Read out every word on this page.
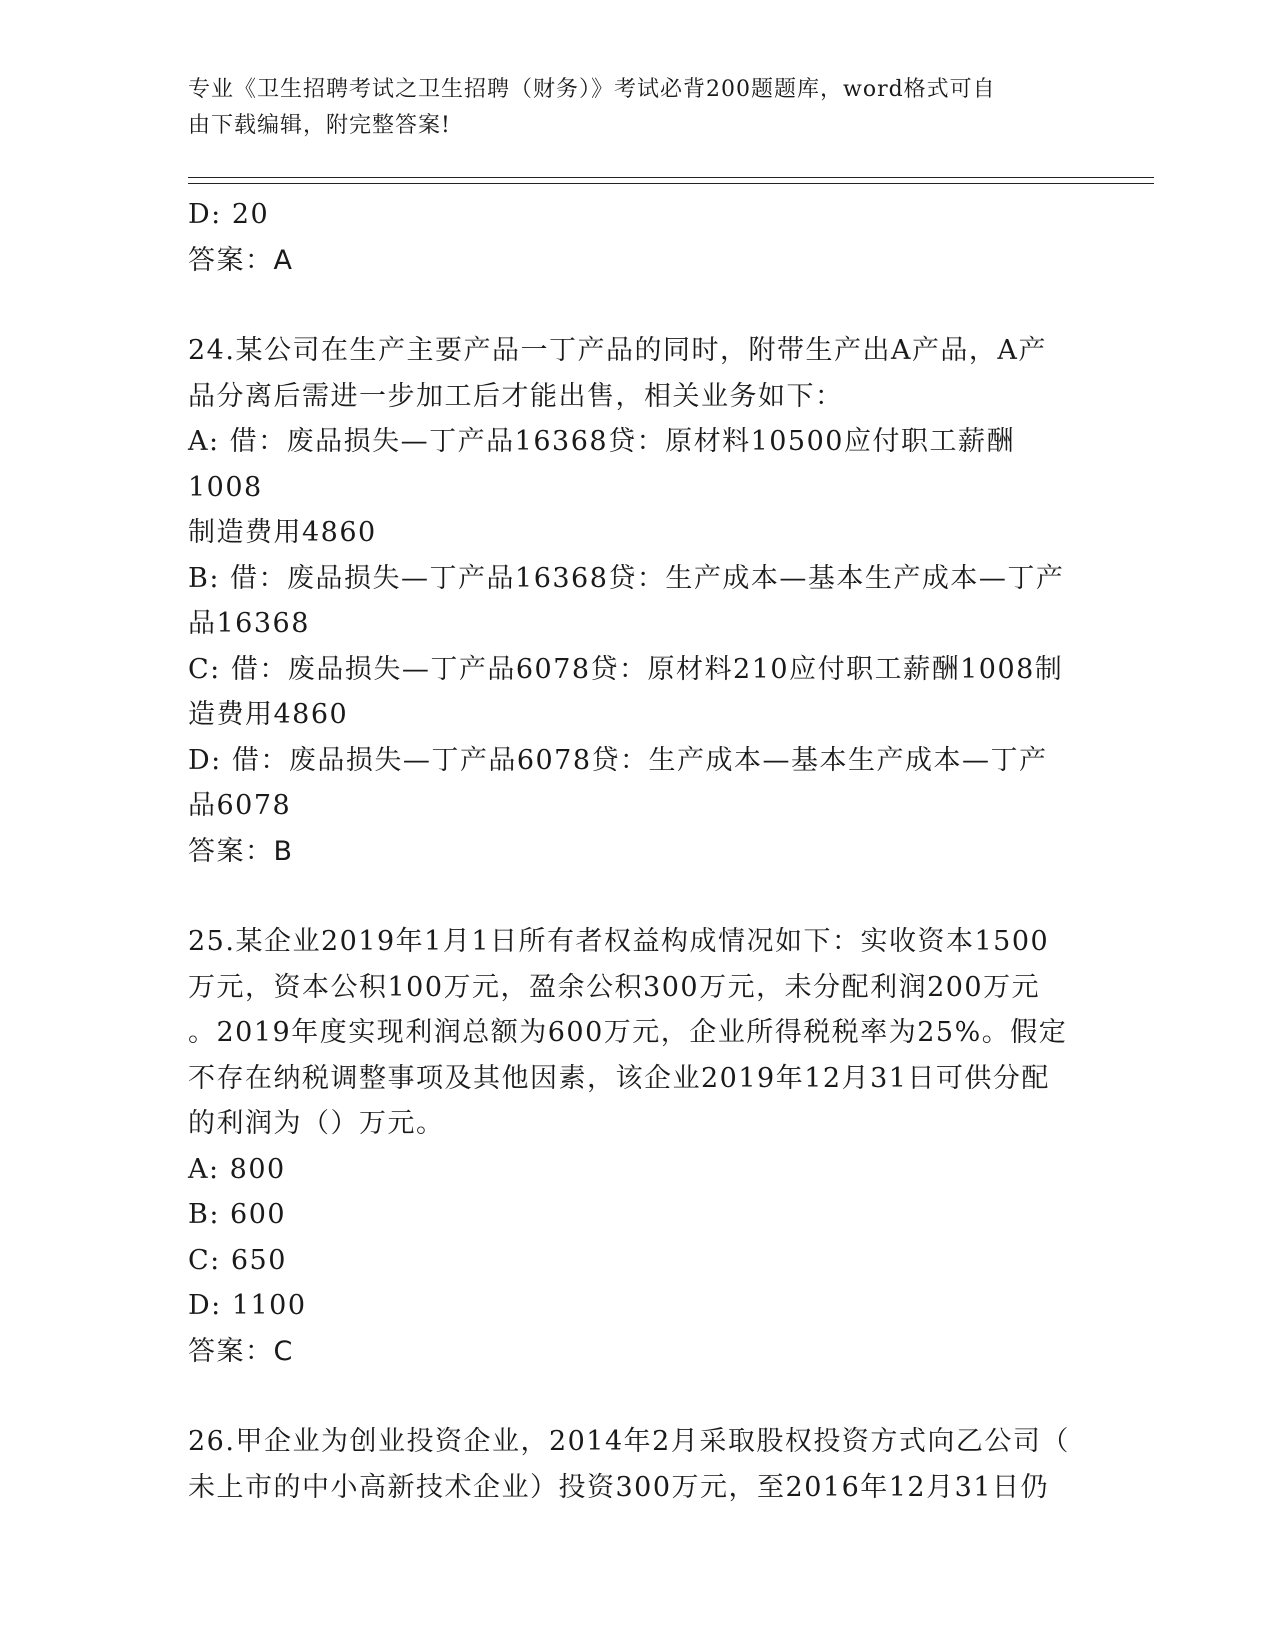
专业《卫生招聘考试之卫生招聘（财务）》考试必背200题题库，word格式可自

由下载编辑，附完整答案!

D: 20

答案：A

24.某公司在生产主要产品一丁产品的同时，附带生产出A产品，A产

品分离后需进一步加工后才能出售，相关业务如下：

A: 借：废品损失—丁产品16368贷：原材料10500应付职工薪酬1008

制造费用4860

B: 借：废品损失—丁产品16368贷：生产成本—基本生产成本—丁产

品16368

C: 借：废品损失—丁产品6078贷：原材料210应付职工薪酬1008制

造费用4860

D: 借：废品损失—丁产品6078贷：生产成本—基本生产成本—丁产

品6078

答案：B

25.某企业2019年1月1日所有者权益构成情况如下：实收资本1500

万元，资本公积100万元，盈余公积300万元，未分配利润200万元

。2019年度实现利润总额为600万元，企业所得税税率为25%。假定

不存在纳税调整事项及其他因素，该企业2019年12月31日可供分配

的利润为（）万元。

A: 800

B: 600

C: 650

D: 1100

答案：C

26.甲企业为创业投资企业，2014年2月采取股权投资方式向乙公司（

未上市的中小高新技术企业）投资300万元，至2016年12月31日仍
